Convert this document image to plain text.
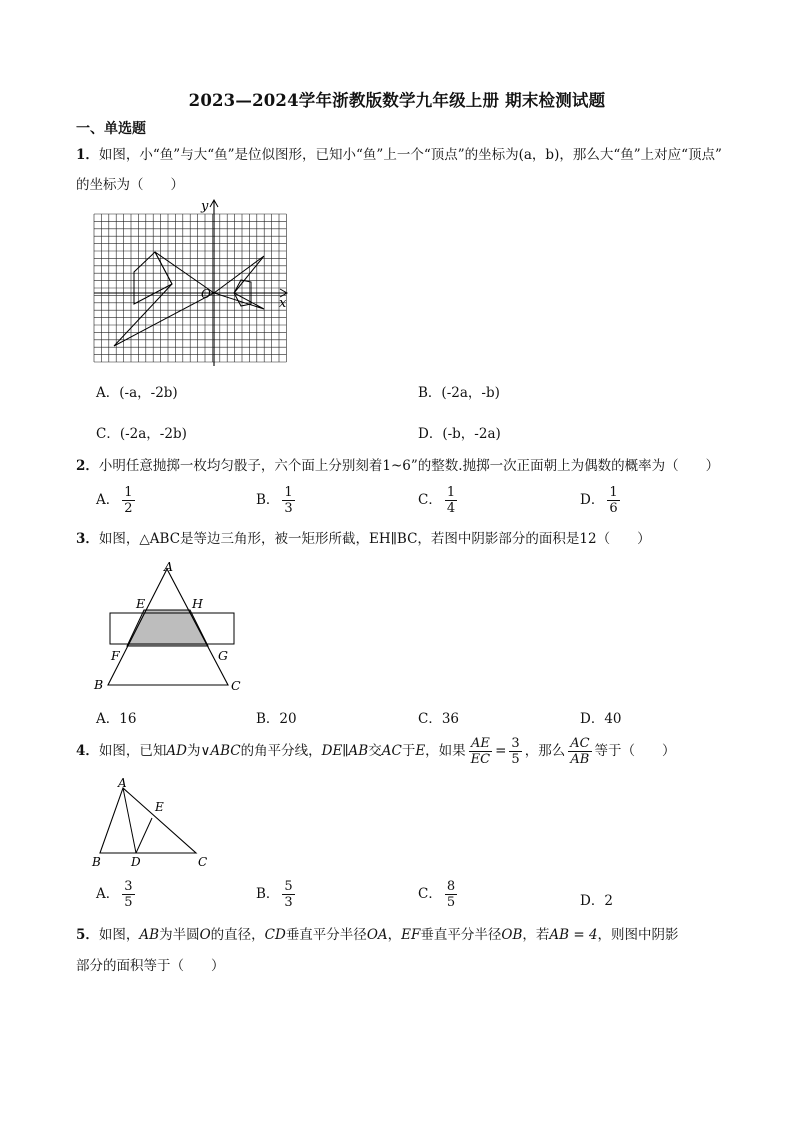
2023—2024学年浙教版数学九年级上册 期末检测试题
一、单选题
1．如图，小“鱼”与大“鱼”是位似图形，已知小“鱼”上一个“顶点”的坐标为(a，b)，那么大“鱼”上对应“顶点”
的坐标为（　　）
x
y
O
A．(-a，-2b)	B．(-2a，-b)
C．(-2a，-2b)	D．(-b，-2a)
2．小明任意抛掷一枚均匀骰子，六个面上分别刻着1~6”的整数.抛掷一次正面朝上为偶数的概率为（　　）
A． $\frac{1}{2}$	B． $\frac{1}{3}$	C． $\frac{1}{4}$	D． $\frac{1}{6}$
3．如图，△ABC是等边三角形，被一矩形所截，EH∥BC，若图中阴影部分的面积是12（　　）
A
B	C
E	H
F	G
A．16	B．20	C．36	D．40
4．如图，已知AD为∨ABC的角平分线，DE∥AB交AC于E，如果 $\frac{AE}{EC} = \frac{3}{5}$ ，那么 $\frac{AC}{AB}$ 等于（　　）
A
B	D	C
E
A． $\frac{3}{5}$	B． $\frac{5}{3}$	C． $\frac{8}{5}$	D．2
5．如图，AB为半圆O的直径，CD垂直平分半径OA，EF垂直平分半径OB，若AB = 4，则图中阴影
部分的面积等于（　　）
